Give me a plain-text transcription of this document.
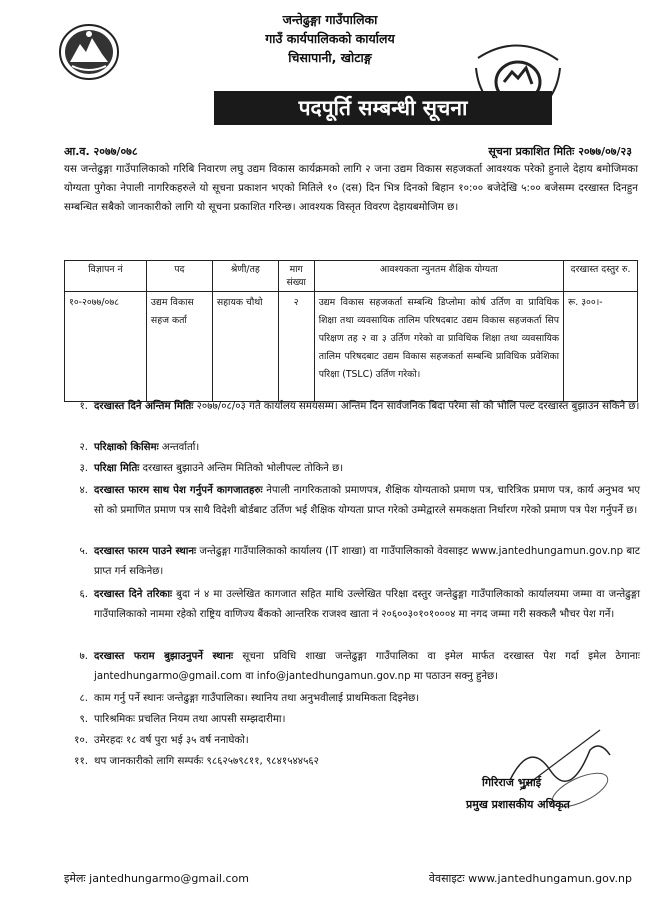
जन्तेढुङ्गा गाउँपालिका
गाउँ कार्यपालिकको कार्यालय
चिसापानी, खोटाङ्ग
पदपूर्ति सम्बन्धी सूचना
आ.व. २०७७/०७८	सूचना प्रकाशित मितिः २०७७/०७/२३
यस जन्तेढुङ्गा गाउँपालिकाको गरिबि निवारण लघु उद्यम विकास कार्यक्रमको लागि २ जना उद्यम विकास सहजकर्ता आवश्यक परेको हुनाले देहाय बमोजिमका योग्यता पुगेका नेपाली नागरिकहरुले यो सूचना प्रकाशन भएको मितिले १० (दस) दिन भित्र दिनको बिहान १०:०० बजेदेखि ५:०० बजेसम्म दरखास्त दिनहुन सम्बन्धित सबैको जानकारीको लागि यो सूचना प्रकाशित गरिन्छ। आवश्यक विस्तृत विवरण देहायबमोजिम छ।
विज्ञापन नं	पद	श्रेणी/तह	माग संख्या	आवश्यकता न्युनतम शैक्षिक योग्यता	दरखास्त दस्तुर रु.
१०-२०७७/०७८	उद्यम विकास सहज कर्ता	सहायक चौथो	२	उद्यम विकास सहजकर्ता सम्बन्धि डिप्लोमा कोर्ष उर्तिण वा प्राविधिक शिक्षा तथा व्यवसायिक तालिम परिषदबाट उद्यम विकास सहजकर्ता सिप परिक्षण तह २ वा ३ उर्तिण गरेको वा प्राविधिक शिक्षा तथा व्यवसायिक तालिम परिषदबाट उद्यम विकास सहजकर्ता सम्बन्धि प्राविधिक प्रवेशिका परिक्षा (TSLC) उर्तिण गरेको।	रू. ३००।-
१. दरखास्त दिने अन्तिम मितिः २०७७/०८/०३ गते कार्यालय समयसम्म। अन्तिम दिन सार्वजनिक बिदा परेमा सो को भोलि पल्ट दरखास्त बुझाउन सकिने छ।
२. परिक्षाको किसिमः अन्तर्वार्ता।
३. परिक्षा मितिः दरखास्त बुझाउने अन्तिम मितिको भोलीपल्ट तोकिने छ।
४. दरखास्त फारम साथ पेश गर्नुपर्ने कागजातहरुः नेपाली नागरिकताको प्रमाणपत्र, शैक्षिक योग्यताको प्रमाण पत्र, चारित्रिक प्रमाण पत्र, कार्य अनुभव भए सो को प्रमाणित प्रमाण पत्र साथै विदेशी बोर्डबाट उर्तिण भई शैक्षिक योग्यता प्राप्त गरेको उम्मेद्वारले समकक्षता निर्धारण गरेको प्रमाण पत्र पेश गर्नुपर्ने छ।
५. दरखास्त फारम पाउने स्थानः जन्तेढुङ्गा गाउँपालिकाको कार्यालय (IT शाखा) वा गाउँपालिकाको वेवसाइट www.jantedhungamun.gov.np बाट प्राप्त गर्न सकिनेछ।
६. दरखास्त दिने तरिकाः बुदा नं ४ मा उल्लेखित कागजात सहित माथि उल्लेखित परिक्षा दस्तुर जन्तेढुङ्गा गाउँपालिकाको कार्यालयमा जम्मा वा जन्तेढुङ्गा गाउँपालिकाको नाममा रहेको राष्ट्रिय वाणिज्य बैंकको आन्तरिक राजश्व खाता नं २०६००३०१०१०००४ मा नगद जम्मा गरी सक्कलै भौचर पेश गर्ने।
७. दरखास्त फराम बुझाउनुपर्ने स्थानः सूचना प्रविधि शाखा जन्तेढुङ्गा गाउँपालिका वा इमेल मार्फत दरखास्त पेश गर्दा इमेल ठेगानाः jantedhungarmo@gmail.com वा info@jantedhungamun.gov.np मा पठाउन सक्नु हुनेछ।
८. काम गर्नु पर्ने स्थानः जन्तेढुङ्गा गाउँपालिका। स्थानिय तथा अनुभवीलाई प्राथमिकता दिइनेछ।
९. पारिश्रमिकः प्रचलित नियम तथा आपसी सम्झदारीमा।
१०. उमेरहदः १८ वर्ष पुरा भई ३५ वर्ष ननाघेको।
११. थप जानकारीको लागि सम्पर्कः ९८६२५७९८११, ९८४१५४४५६२
गिरिराज भुसाई
प्रमुख प्रशासकीय अधिकृत
इमेलः jantedhungarmo@gmail.com	वेवसाइटः www.jantedhungamun.gov.np
